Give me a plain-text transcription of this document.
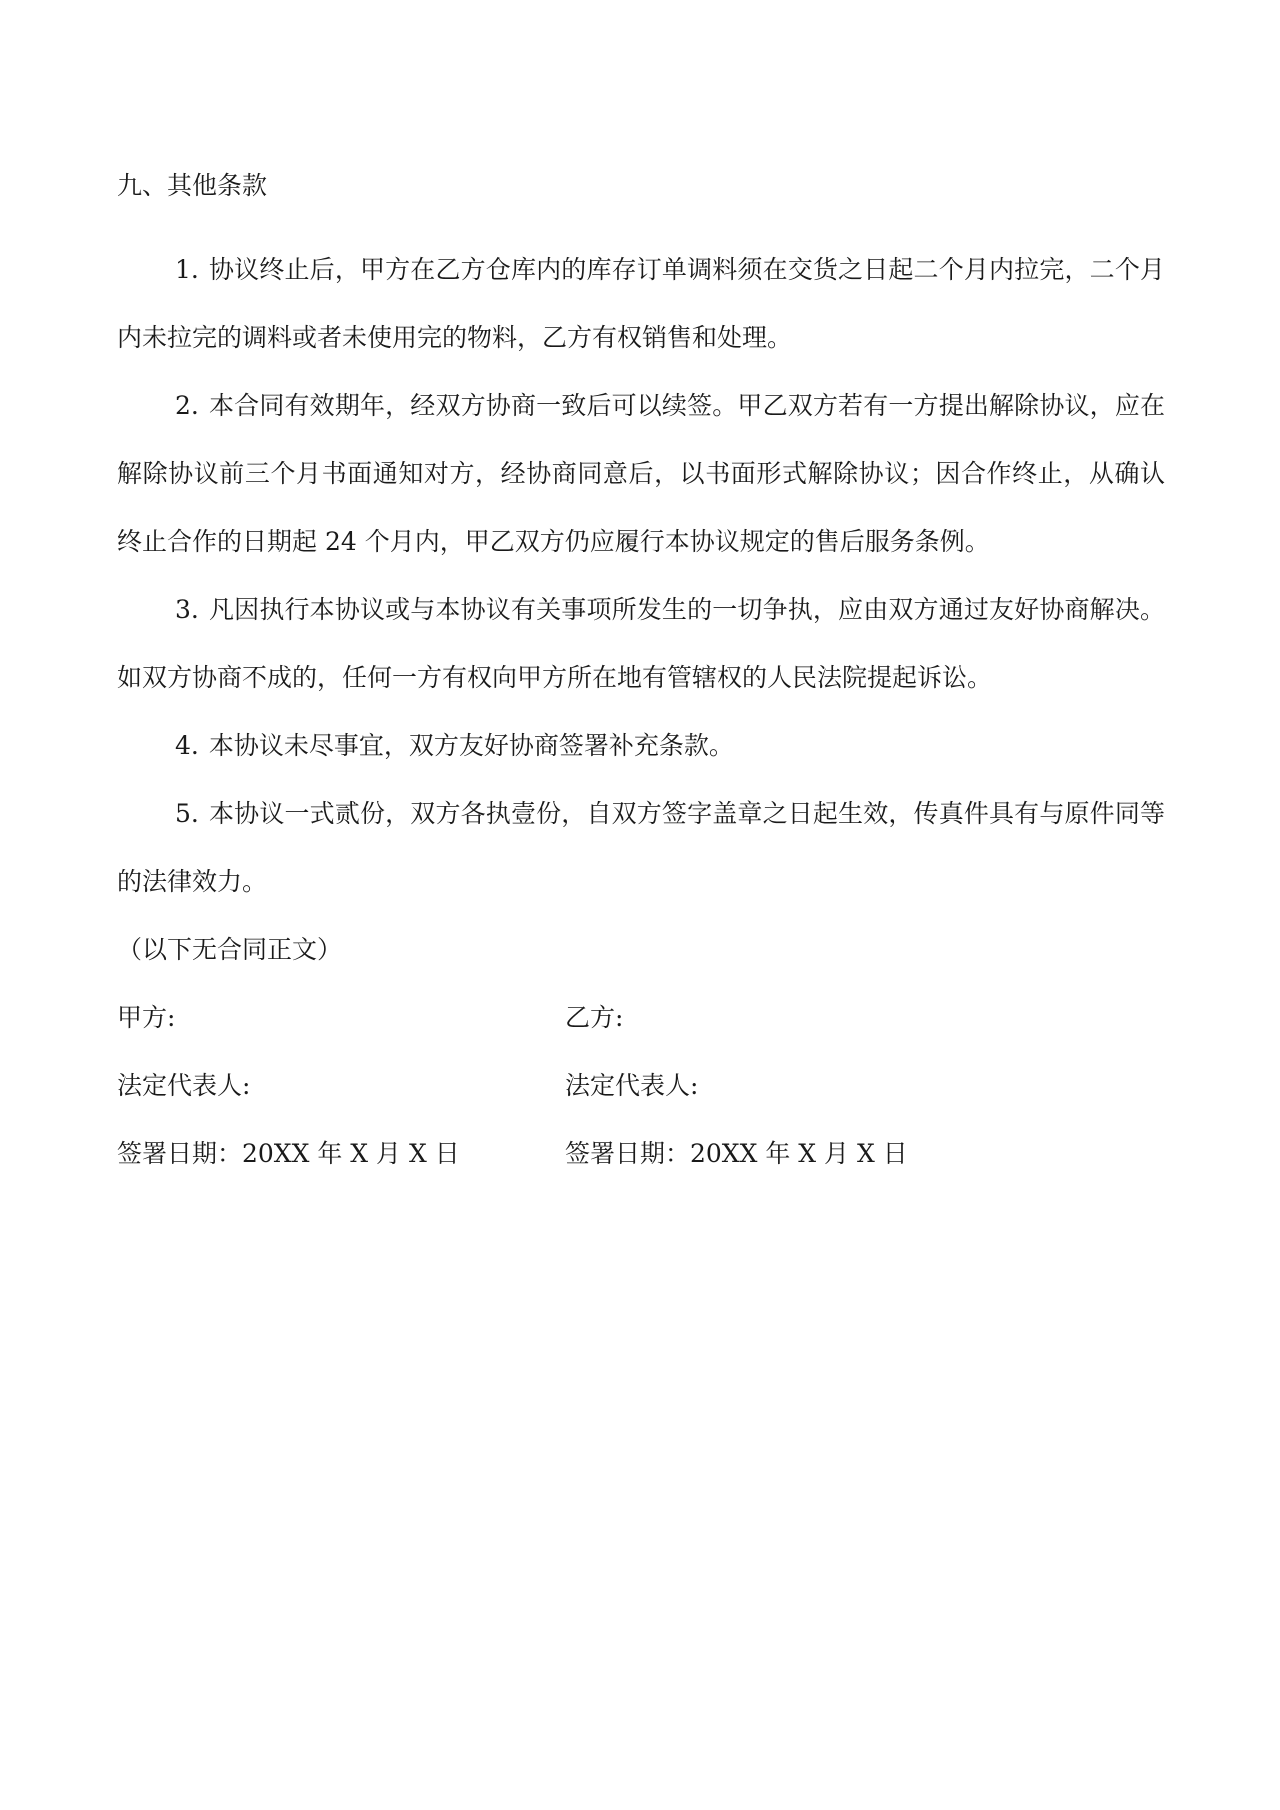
九、其他条款

1. 协议终止后，甲方在乙方仓库内的库存订单调料须在交货之日起二个月内拉完，二个月内未拉完的调料或者未使用完的物料，乙方有权销售和处理。

2. 本合同有效期年，经双方协商一致后可以续签。甲乙双方若有一方提出解除协议，应在解除协议前三个月书面通知对方，经协商同意后，以书面形式解除协议；因合作终止，从确认终止合作的日期起 24 个月内，甲乙双方仍应履行本协议规定的售后服务条例。

3. 凡因执行本协议或与本协议有关事项所发生的一切争执，应由双方通过友好协商解决。如双方协商不成的，任何一方有权向甲方所在地有管辖权的人民法院提起诉讼。

4. 本协议未尽事宜，双方友好协商签署补充条款。

5. 本协议一式贰份，双方各执壹份，自双方签字盖章之日起生效，传真件具有与原件同等的法律效力。

（以下无合同正文）

甲方:	乙方:
法定代表人:	法定代表人:
签署日期：20XX 年 X 月 X 日	签署日期：20XX 年 X 月 X 日
